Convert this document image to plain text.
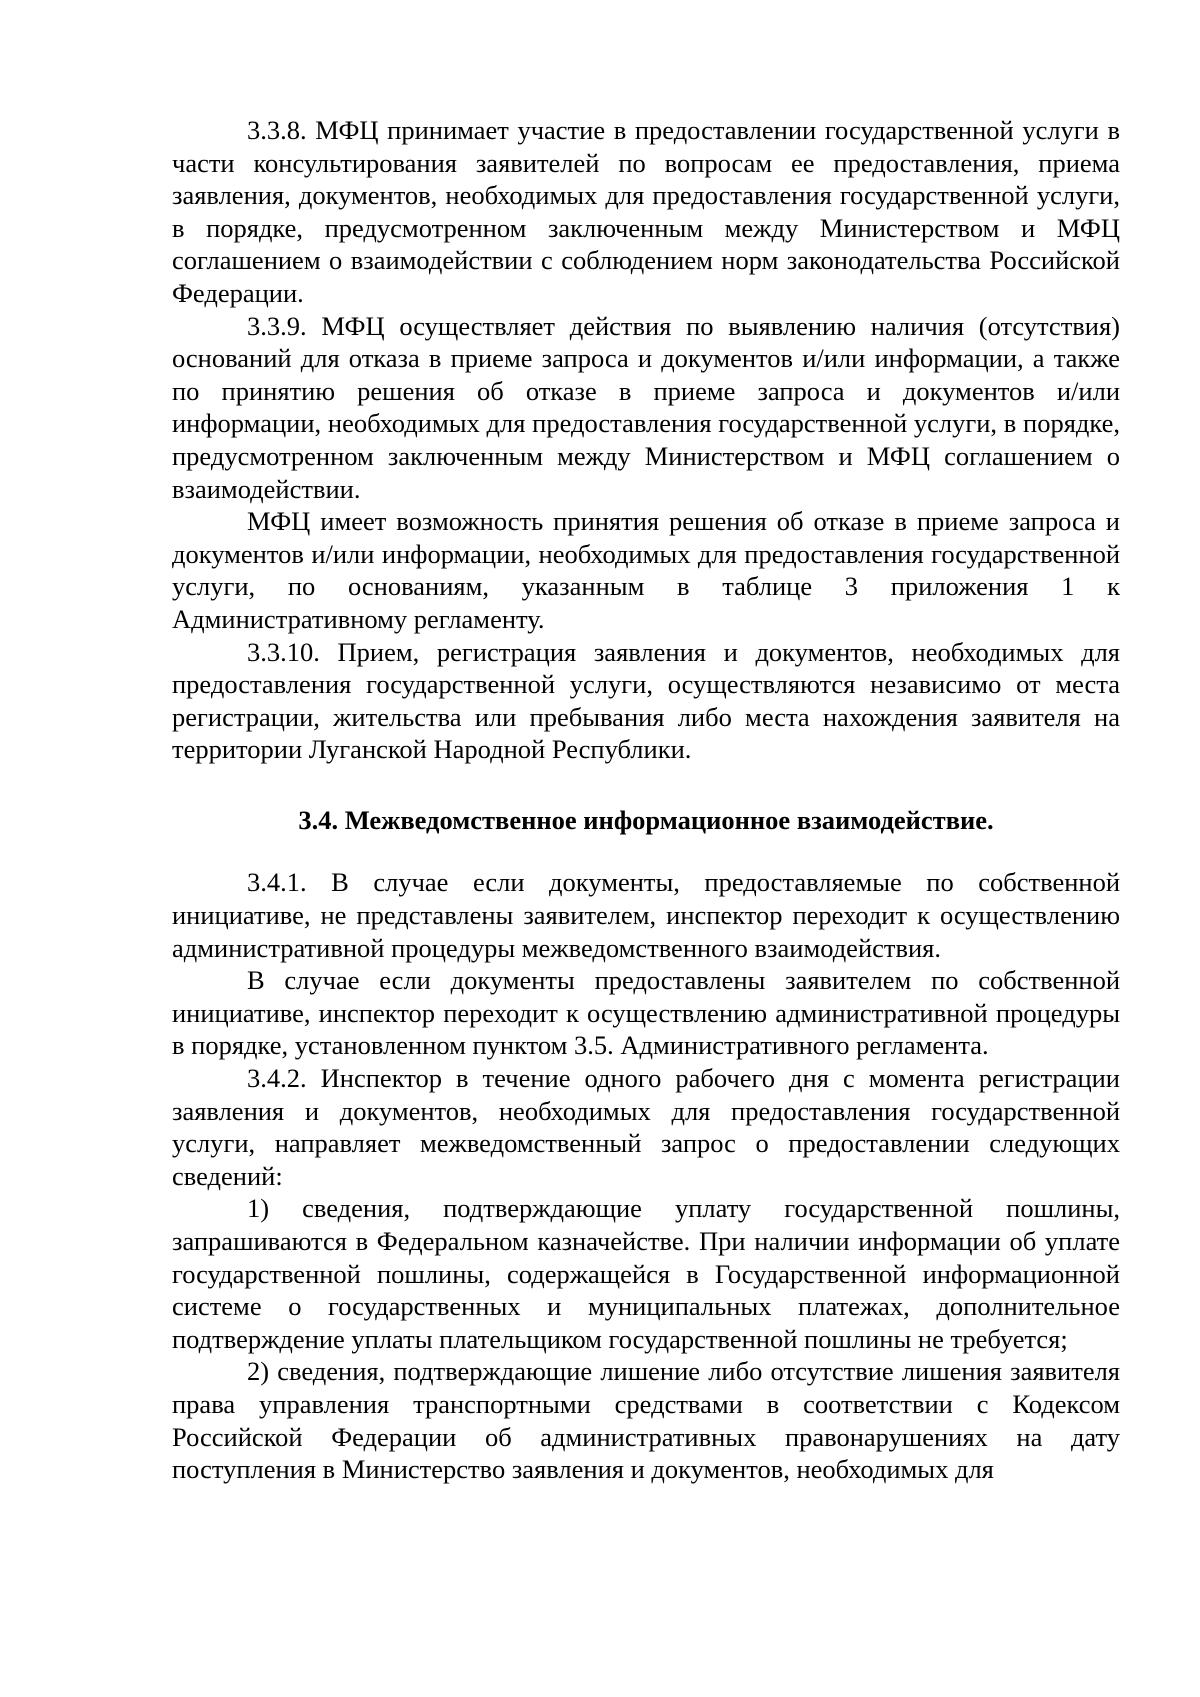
3.3.8. МФЦ принимает участие в предоставлении государственной услуги в части консультирования заявителей по вопросам ее предоставления, приема заявления, документов, необходимых для предоставления государственной услуги, в порядке, предусмотренном заключенным между Министерством и МФЦ соглашением о взаимодействии с соблюдением норм законодательства Российской Федерации.

3.3.9. МФЦ осуществляет действия по выявлению наличия (отсутствия) оснований для отказа в приеме запроса и документов и/или информации, а также по принятию решения об отказе в приеме запроса и документов и/или информации, необходимых для предоставления государственной услуги, в порядке, предусмотренном заключенным между Министерством и МФЦ соглашением о взаимодействии.

МФЦ имеет возможность принятия решения об отказе в приеме запроса и документов и/или информации, необходимых для предоставления государственной услуги, по основаниям, указанным в таблице 3 приложения 1 к Административному регламенту.

3.3.10. Прием, регистрация заявления и документов, необходимых для предоставления государственной услуги, осуществляются независимо от места регистрации, жительства или пребывания либо места нахождения заявителя на территории Луганской Народной Республики.

3.4. Межведомственное информационное взаимодействие.

3.4.1. В случае если документы, предоставляемые по собственной инициативе, не представлены заявителем, инспектор переходит к осуществлению административной процедуры межведомственного взаимодействия.

В случае если документы предоставлены заявителем по собственной инициативе, инспектор переходит к осуществлению административной процедуры в порядке, установленном пунктом 3.5. Административного регламента.

3.4.2. Инспектор в течение одного рабочего дня с момента регистрации заявления и документов, необходимых для предоставления государственной услуги, направляет межведомственный запрос о предоставлении следующих сведений:

1) сведения, подтверждающие уплату государственной пошлины, запрашиваются в Федеральном казначействе. При наличии информации об уплате государственной пошлины, содержащейся в Государственной информационной системе о государственных и муниципальных платежах, дополнительное подтверждение уплаты плательщиком государственной пошлины не требуется;

2) сведения, подтверждающие лишение либо отсутствие лишения заявителя права управления транспортными средствами в соответствии с Кодексом Российской Федерации об административных правонарушениях на дату поступления в Министерство заявления и документов, необходимых для
